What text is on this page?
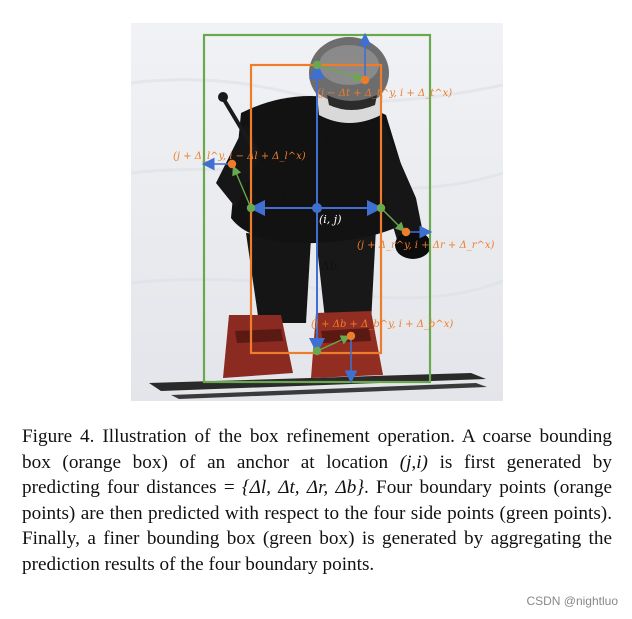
Δt
Δl	Δr
Δb
(i, j)
(j − Δt + Δ_t^y, i + Δ_t^x)
(j + Δ_l^y, i − Δl + Δ_l^x)
(j + Δ_r^y, i + Δr + Δ_r^x)
(j + Δb + Δ_b^y, i + Δ_b^x)

Figure 4. Illustration of the box refinement operation. A coarse bounding box (orange box) of an anchor at location (j,i) is first generated by predicting four distances = {Δl, Δt, Δr, Δb}. Four boundary points (orange points) are then predicted with respect to the four side points (green points). Finally, a finer bounding box (green box) is generated by aggregating the prediction results of the four boundary points.

CSDN @nightluo
